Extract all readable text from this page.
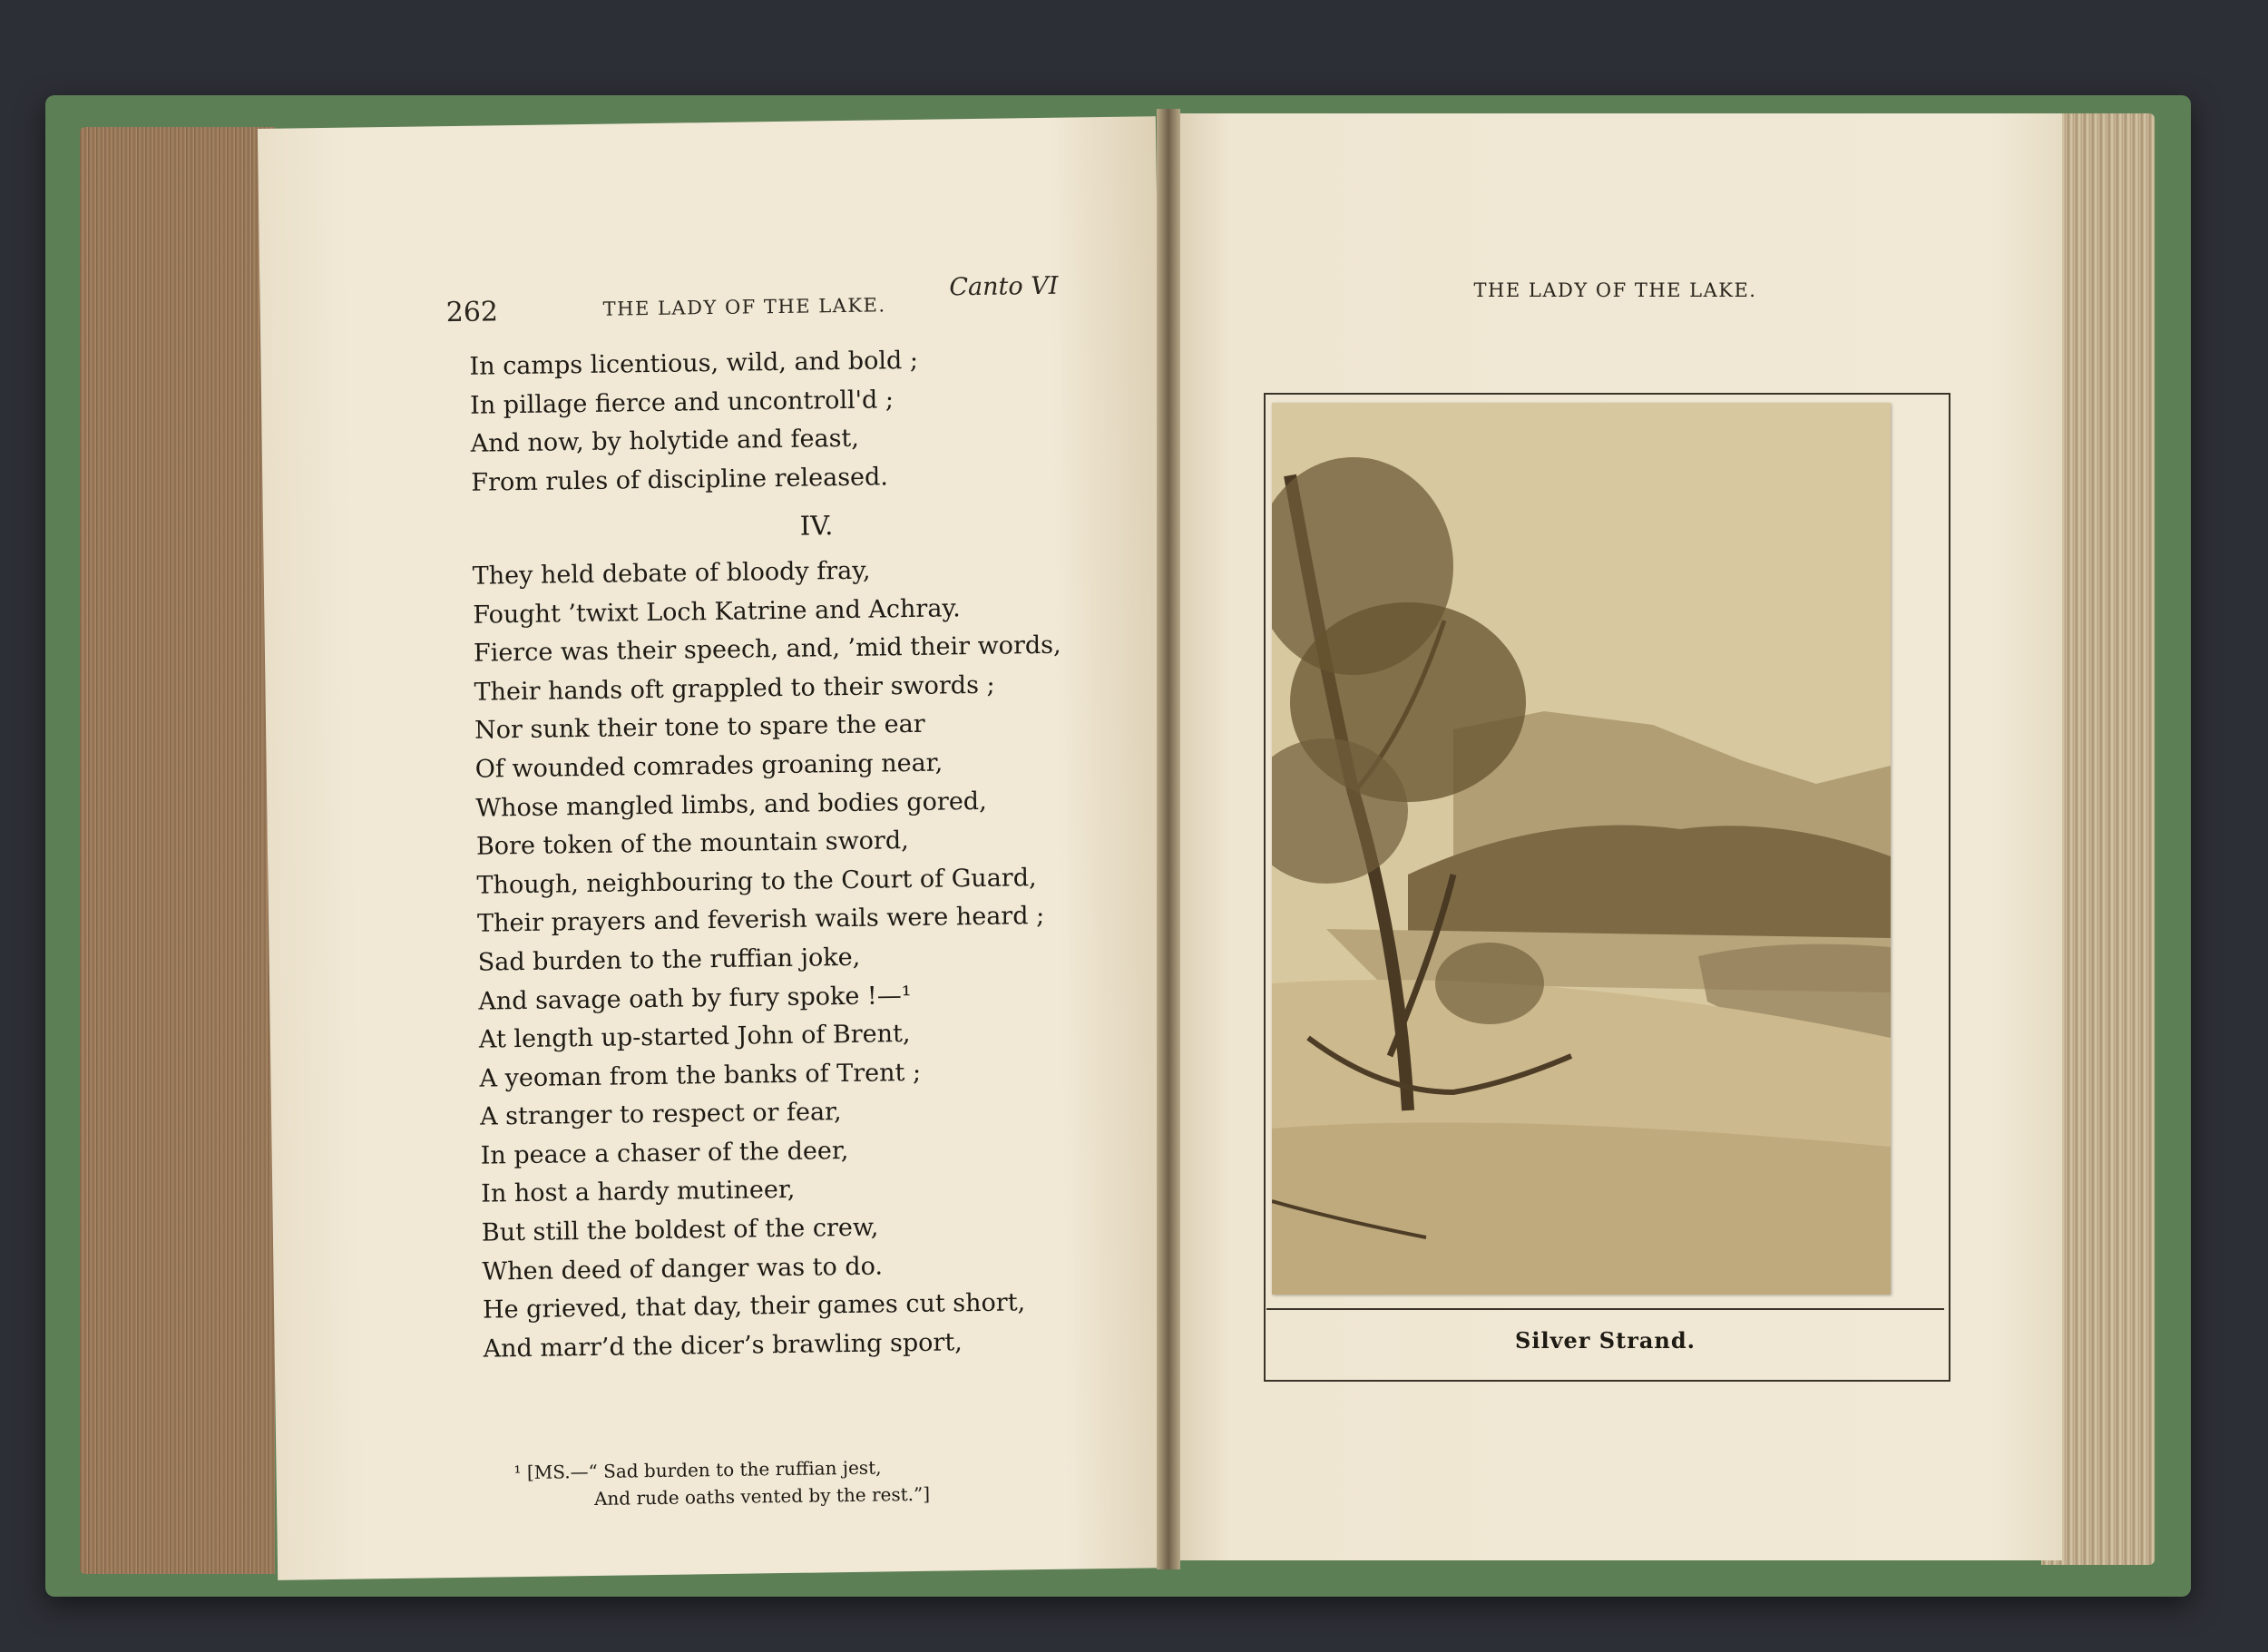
262	THE LADY OF THE LAKE.
Canto VI
In camps licentious, wild, and bold ;
In pillage fierce and uncontroll'd ;
And now, by holytide and feast,
From rules of discipline released.
IV.
They held debate of bloody fray,
Fought ’twixt Loch Katrine and Achray.
Fierce was their speech, and, ’mid their words,
Their hands oft grappled to their swords ;
Nor sunk their tone to spare the ear
Of wounded comrades groaning near,
Whose mangled limbs, and bodies gored,
Bore token of the mountain sword,
Though, neighbouring to the Court of Guard,
Their prayers and feverish wails were heard ;
Sad burden to the ruffian joke,
And savage oath by fury spoke !—¹
At length up-started John of Brent,
A yeoman from the banks of Trent ;
A stranger to respect or fear,
In peace a chaser of the deer,
In host a hardy mutineer,
But still the boldest of the crew,
When deed of danger was to do.
He grieved, that day, their games cut short,
And marr’d the dicer’s brawling sport,
¹ [MS.—“ Sad burden to the ruffian jest,
And rude oaths vented by the rest.”]
THE LADY OF THE LAKE.
Silver Strand.
